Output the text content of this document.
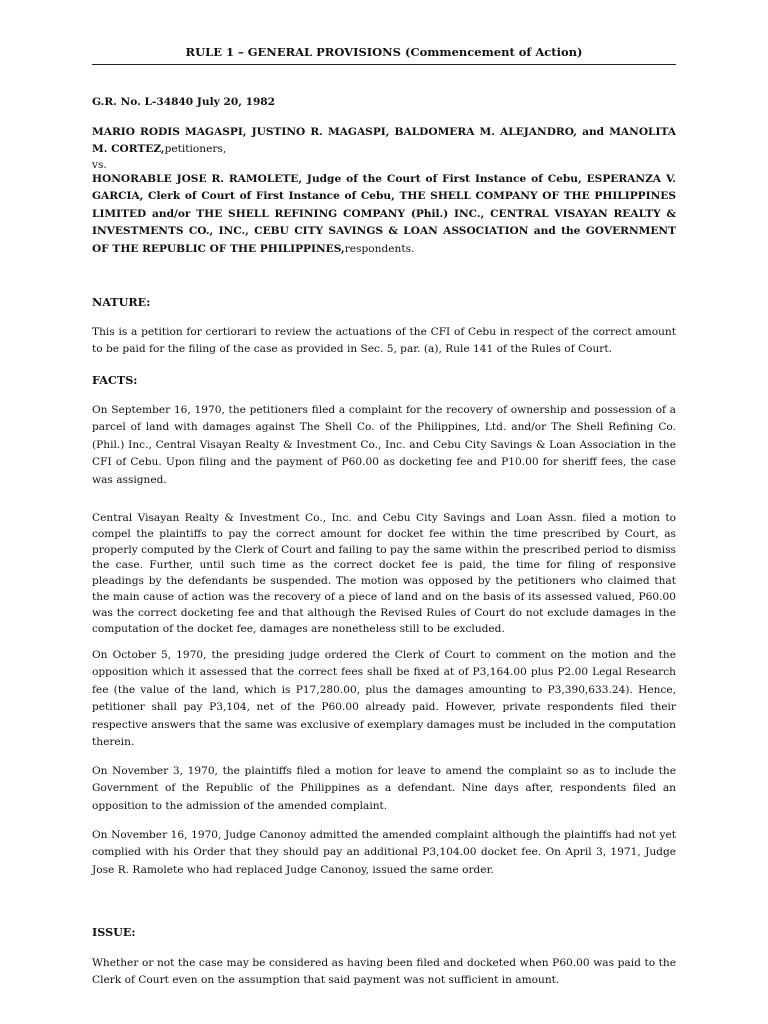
RULE 1 – GENERAL PROVISIONS (Commencement of Action)

G.R. No. L-34840 July 20, 1982

MARIO RODIS MAGASPI, JUSTINO R. MAGASPI, BALDOMERA M. ALEJANDRO, and MANOLITA M. CORTEZ,petitioners,

vs.

HONORABLE JOSE R. RAMOLETE, Judge of the Court of First Instance of Cebu, ESPERANZA V. GARCIA, Clerk of Court of First Instance of Cebu, THE SHELL COMPANY OF THE PHILIPPINES LIMITED and/or THE SHELL REFINING COMPANY (Phil.) INC., CENTRAL VISAYAN REALTY & INVESTMENTS CO., INC., CEBU CITY SAVINGS & LOAN ASSOCIATION and the GOVERNMENT OF THE REPUBLIC OF THE PHILIPPINES,respondents.

NATURE:

This is a petition for certiorari to review the actuations of the CFI of Cebu in respect of the correct amount to be paid for the filing of the case as provided in Sec. 5, par. (a), Rule 141 of the Rules of Court.

FACTS:

On September 16, 1970, the petitioners filed a complaint for the recovery of ownership and possession of a parcel of land with damages against The Shell Co. of the Philippines, Ltd. and/or The Shell Refining Co. (Phil.) Inc., Central Visayan Realty & Investment Co., Inc. and Cebu City Savings & Loan Association in the CFI of Cebu. Upon filing and the payment of P60.00 as docketing fee and P10.00 for sheriff fees, the case was assigned.

Central Visayan Realty & Investment Co., Inc. and Cebu City Savings and Loan Assn. filed a motion to compel the plaintiffs to pay the correct amount for docket fee within the time prescribed by Court, as properly computed by the Clerk of Court and failing to pay the same within the prescribed period to dismiss the case. Further, until such time as the correct docket fee is paid, the time for filing of responsive pleadings by the defendants be suspended. The motion was opposed by the petitioners who claimed that the main cause of action was the recovery of a piece of land and on the basis of its assessed valued, P60.00 was the correct docketing fee and that although the Revised Rules of Court do not exclude damages in the computation of the docket fee, damages are nonetheless still to be excluded.

On October 5, 1970, the presiding judge ordered the Clerk of Court to comment on the motion and the opposition which it assessed that the correct fees shall be fixed at of P3,164.00 plus P2.00 Legal Research fee (the value of the land, which is P17,280.00, plus the damages amounting to P3,390,633.24). Hence, petitioner shall pay P3,104, net of the P60.00 already paid. However, private respondents filed their respective answers that the same was exclusive of exemplary damages must be included in the computation therein.

On November 3, 1970, the plaintiffs filed a motion for leave to amend the complaint so as to include the Government of the Republic of the Philippines as a defendant. Nine days after, respondents filed an opposition to the admission of the amended complaint.

On November 16, 1970, Judge Canonoy admitted the amended complaint although the plaintiffs had not yet complied with his Order that they should pay an additional P3,104.00 docket fee. On April 3, 1971, Judge Jose R. Ramolete who had replaced Judge Canonoy, issued the same order.

ISSUE:

Whether or not the case may be considered as having been filed and docketed when P60.00 was paid to the Clerk of Court even on the assumption that said payment was not sufficient in amount.
